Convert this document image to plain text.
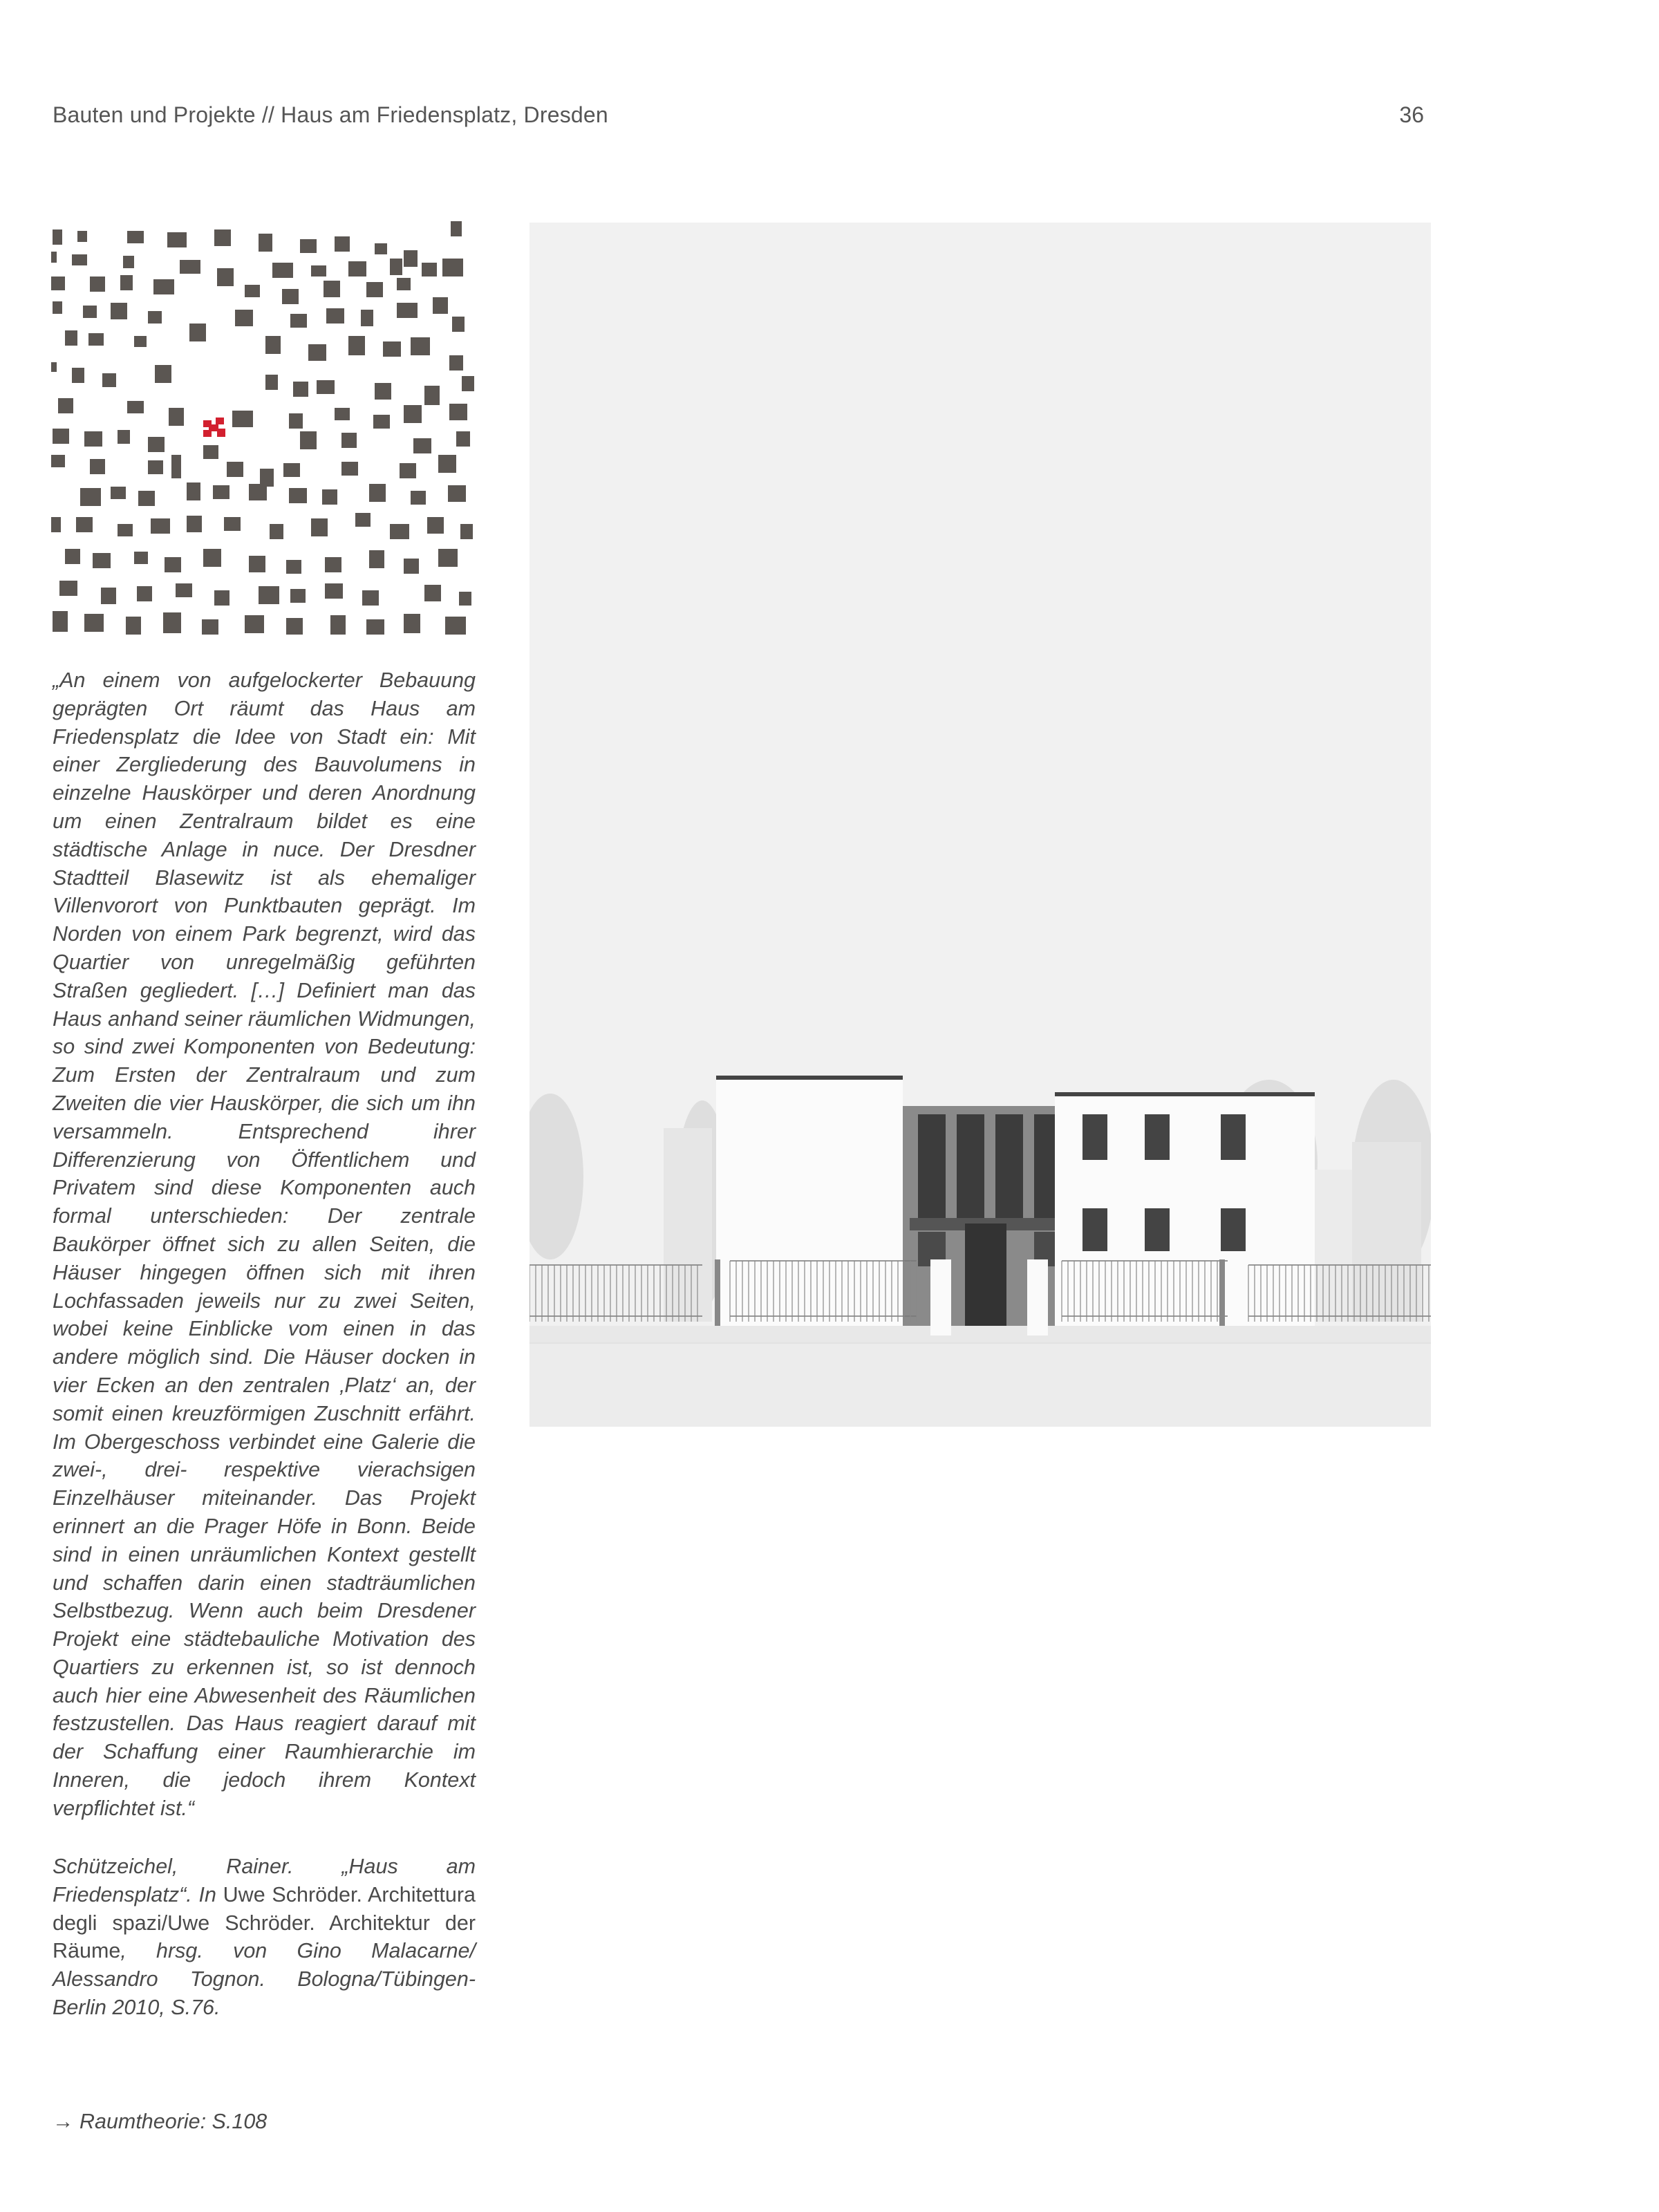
Bauten und Projekte // Haus am Friedensplatz, Dresden	36

„An einem von aufgelockerter Bebauung geprägten Ort räumt das Haus am Friedensplatz die Idee von Stadt ein: Mit einer Zergliederung des Bauvolumens in einzelne Hauskörper und deren Anordnung um einen Zentralraum bildet es eine städtische Anlage in nuce. Der Dresdner Stadtteil Blasewitz ist als ehemaliger Villenvorort von Punktbauten geprägt. Im Norden von einem Park begrenzt, wird das Quartier von unregelmäßig geführten Straßen gegliedert. […] Definiert man das Haus anhand seiner räumlichen Widmungen, so sind zwei Komponenten von Bedeutung: Zum Ersten der Zentralraum und zum Zweiten die vier Hauskörper, die sich um ihn versammeln. Entsprechend ihrer Differenzierung von Öffentlichem und Privatem sind diese Komponenten auch formal unterschieden: Der zentrale Baukörper öffnet sich zu allen Seiten, die Häuser hingegen öffnen sich mit ihren Lochfassaden jeweils nur zu zwei Seiten, wobei keine Einblicke vom einen in das andere möglich sind. Die Häuser docken in vier Ecken an den zentralen ‚Platz‘ an, der somit einen kreuzförmigen Zuschnitt erfährt. Im Obergeschoss verbindet eine Galerie die zwei-, drei- respektive vierachsigen Einzelhäuser miteinander. Das Projekt erinnert an die Prager Höfe in Bonn. Beide sind in einen unräumlichen Kontext gestellt und schaffen darin einen stadträumlichen Selbstbezug. Wenn auch beim Dresdener Projekt eine städtebauliche Motivation des Quartiers zu erkennen ist, so ist dennoch auch hier eine Abwesenheit des Räumlichen festzustellen. Das Haus reagiert darauf mit der Schaffung einer Raumhierarchie im Inneren, die jedoch ihrem Kontext verpflichtet ist.“

Schützeichel, Rainer. „Haus am Friedensplatz“. In Uwe Schröder. Architettura degli spazi/Uwe Schröder. Architektur der Räume, hrsg. von Gino Malacarne/ Alessandro Tognon. Bologna/Tübingen-Berlin 2010, S.76.

→ Raumtheorie: S.108
